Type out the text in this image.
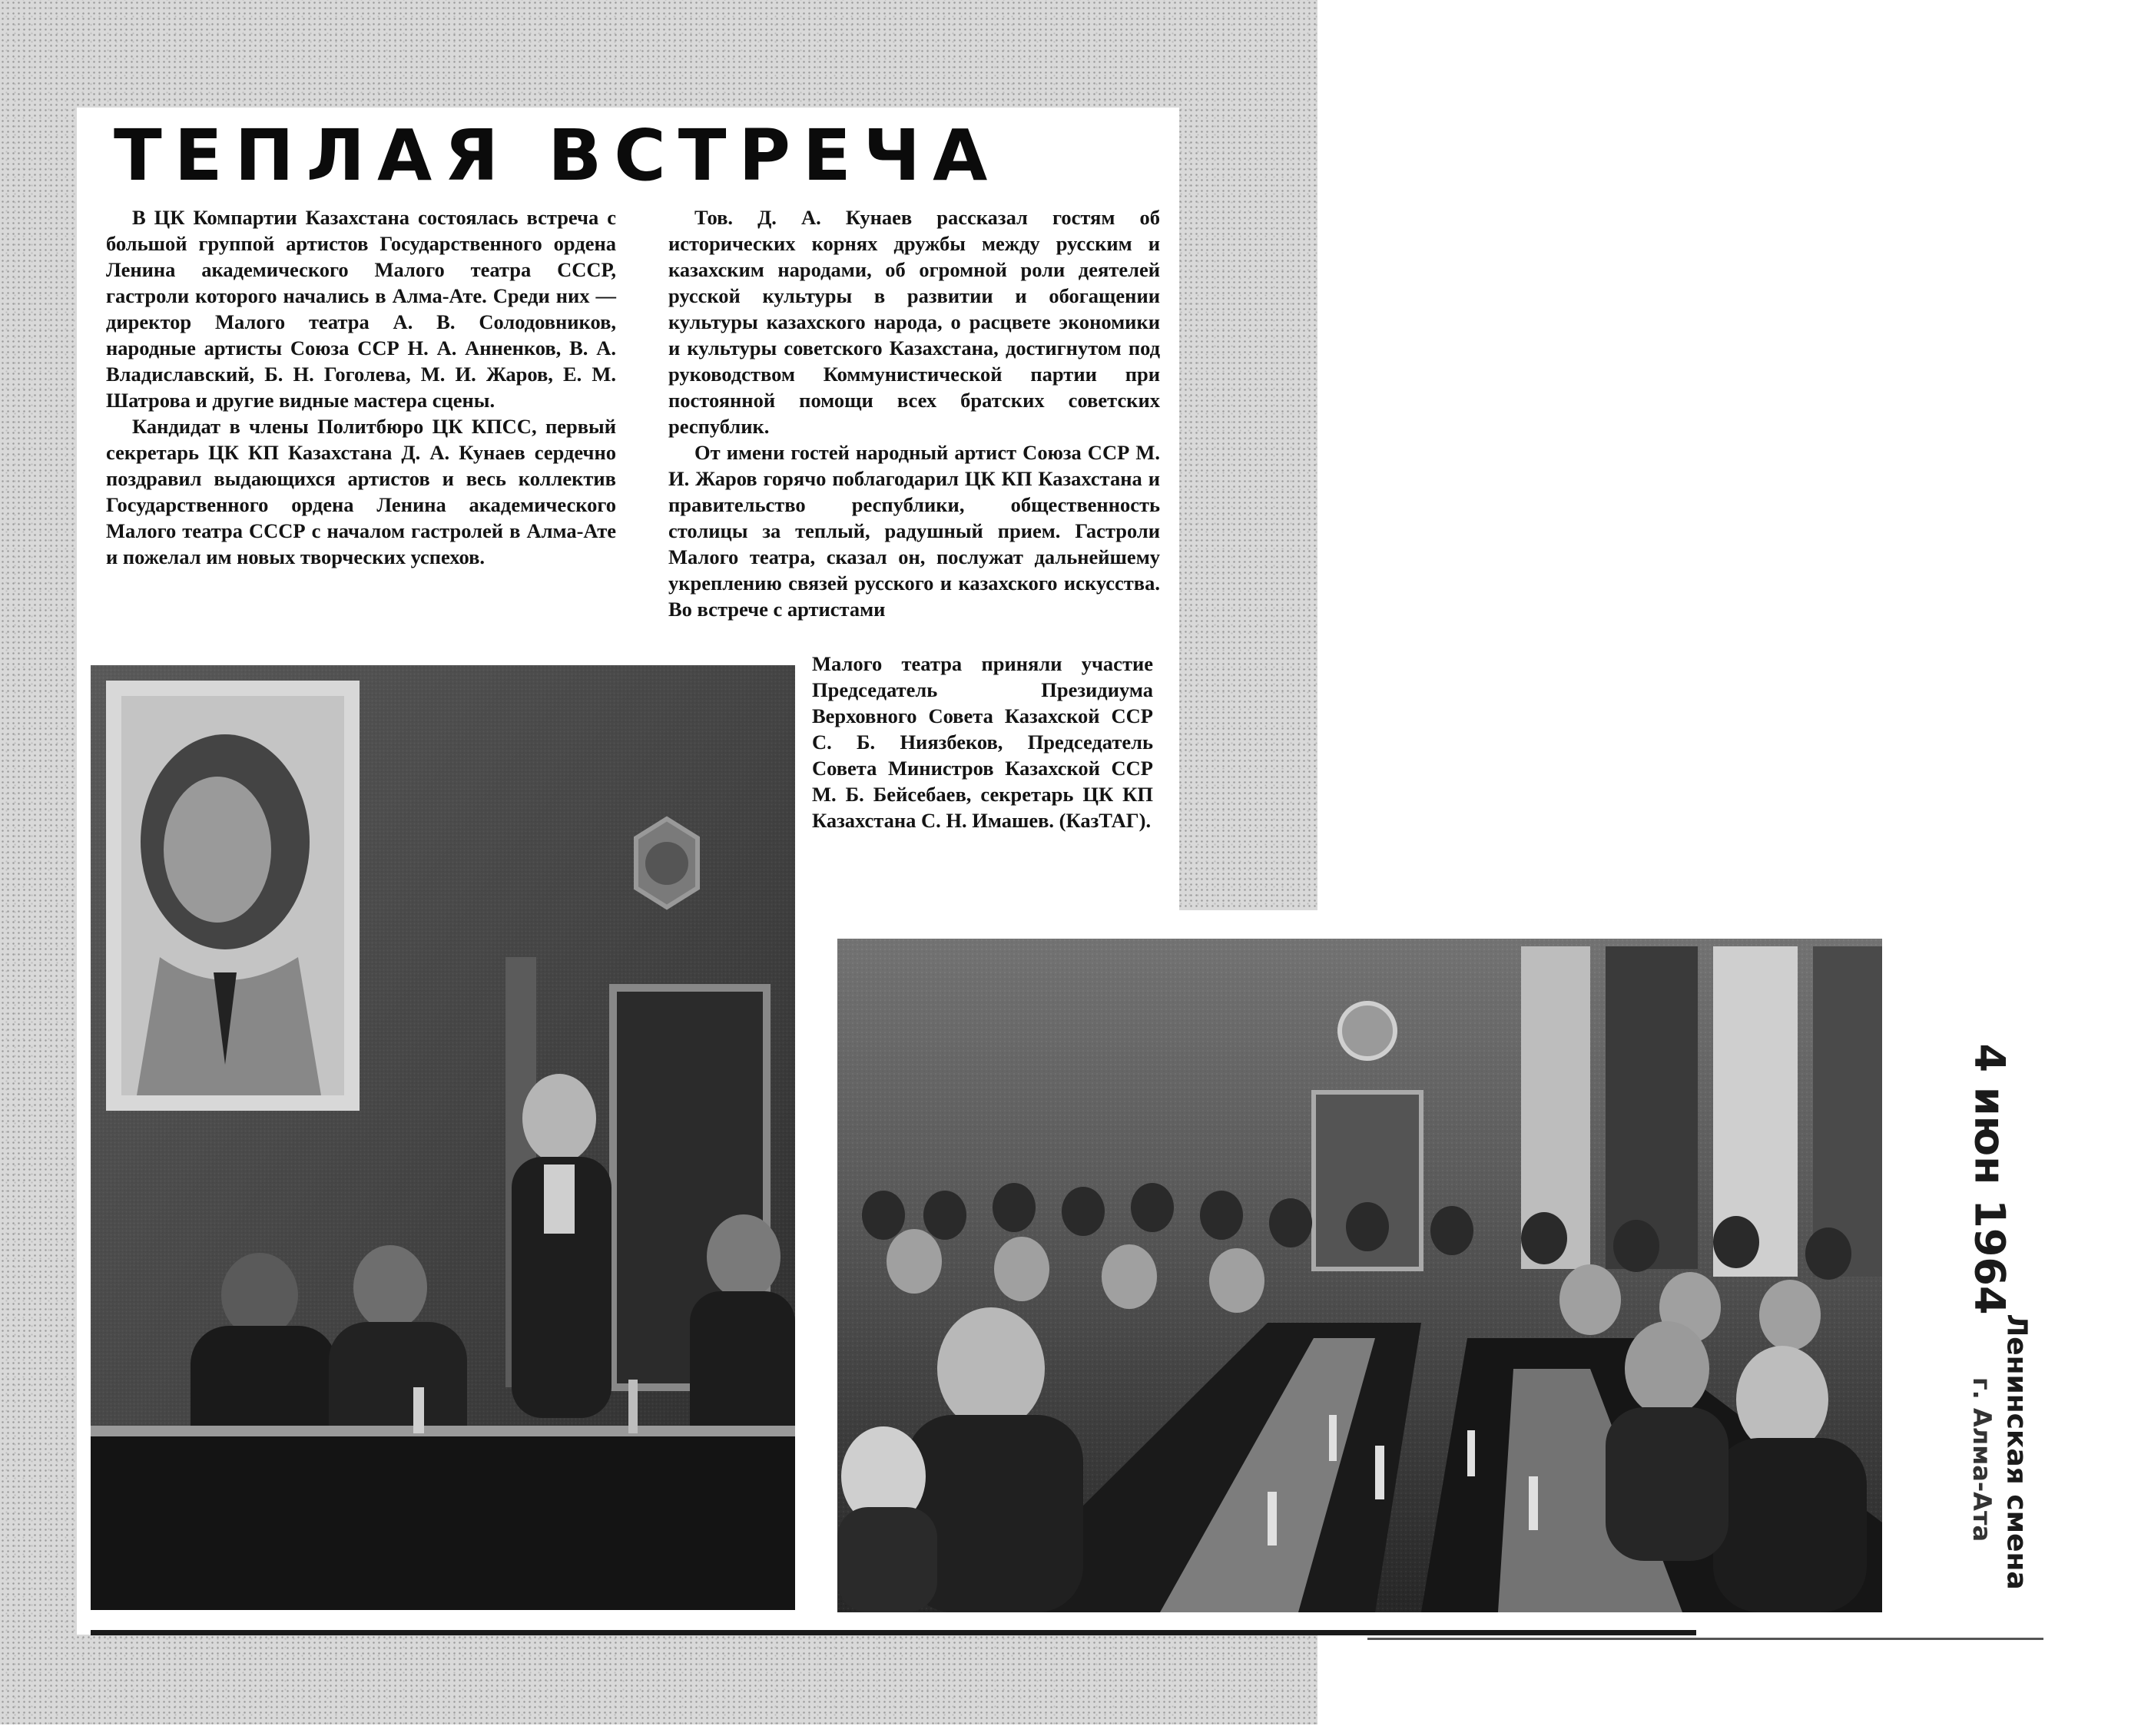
ТЕПЛАЯ ВСТРЕЧА

В ЦК Компартии Казахстана состоялась встреча с большой группой артистов Государственного ордена Ленина академического Малого театра СССР, гастроли которого начались в Алма-Ате. Среди них — директор Малого театра А. В. Солодовников, народные артисты Союза ССР Н. А. Анненков, В. А. Владиславский, Б. Н. Гоголева, М. И. Жаров, Е. М. Шатрова и другие видные мастера сцены.

Кандидат в члены Политбюро ЦК КПСС, первый секретарь ЦК КП Казахстана Д. А. Кунаев сердечно поздравил выдающихся артистов и весь коллектив Государственного ордена Ленина академического Малого театра СССР с началом гастролей в Алма-Ате и пожелал им новых творческих успехов.

Тов. Д. А. Кунаев рассказал гостям об исторических корнях дружбы между русским и казахским народами, об огромной роли деятелей русской культуры в развитии и обогащении культуры казахского народа, о расцвете экономики и культуры советского Казахстана, достигнутом под руководством Коммунистической партии при постоянной помощи всех братских советских республик.

От имени гостей народный артист Союза ССР М. И. Жаров горячо поблагодарил ЦК КП Казахстана и правительство республики, общественность столицы за теплый, радушный прием. Гастроли Малого театра, сказал он, послужат дальнейшему укреплению связей русского и казахского искусства. Во встрече с артистами

Малого театра приняли участие Председатель Президиума Верховного Совета Казахской ССР С. Б. Ниязбеков, Председатель Совета Министров Казахской ССР М. Б. Бейсебаев, секретарь ЦК КП Казахстана С. Н. Имашев. (КазТАГ).

4 июн 1964
Ленинская смена
г. Алма-Ата
